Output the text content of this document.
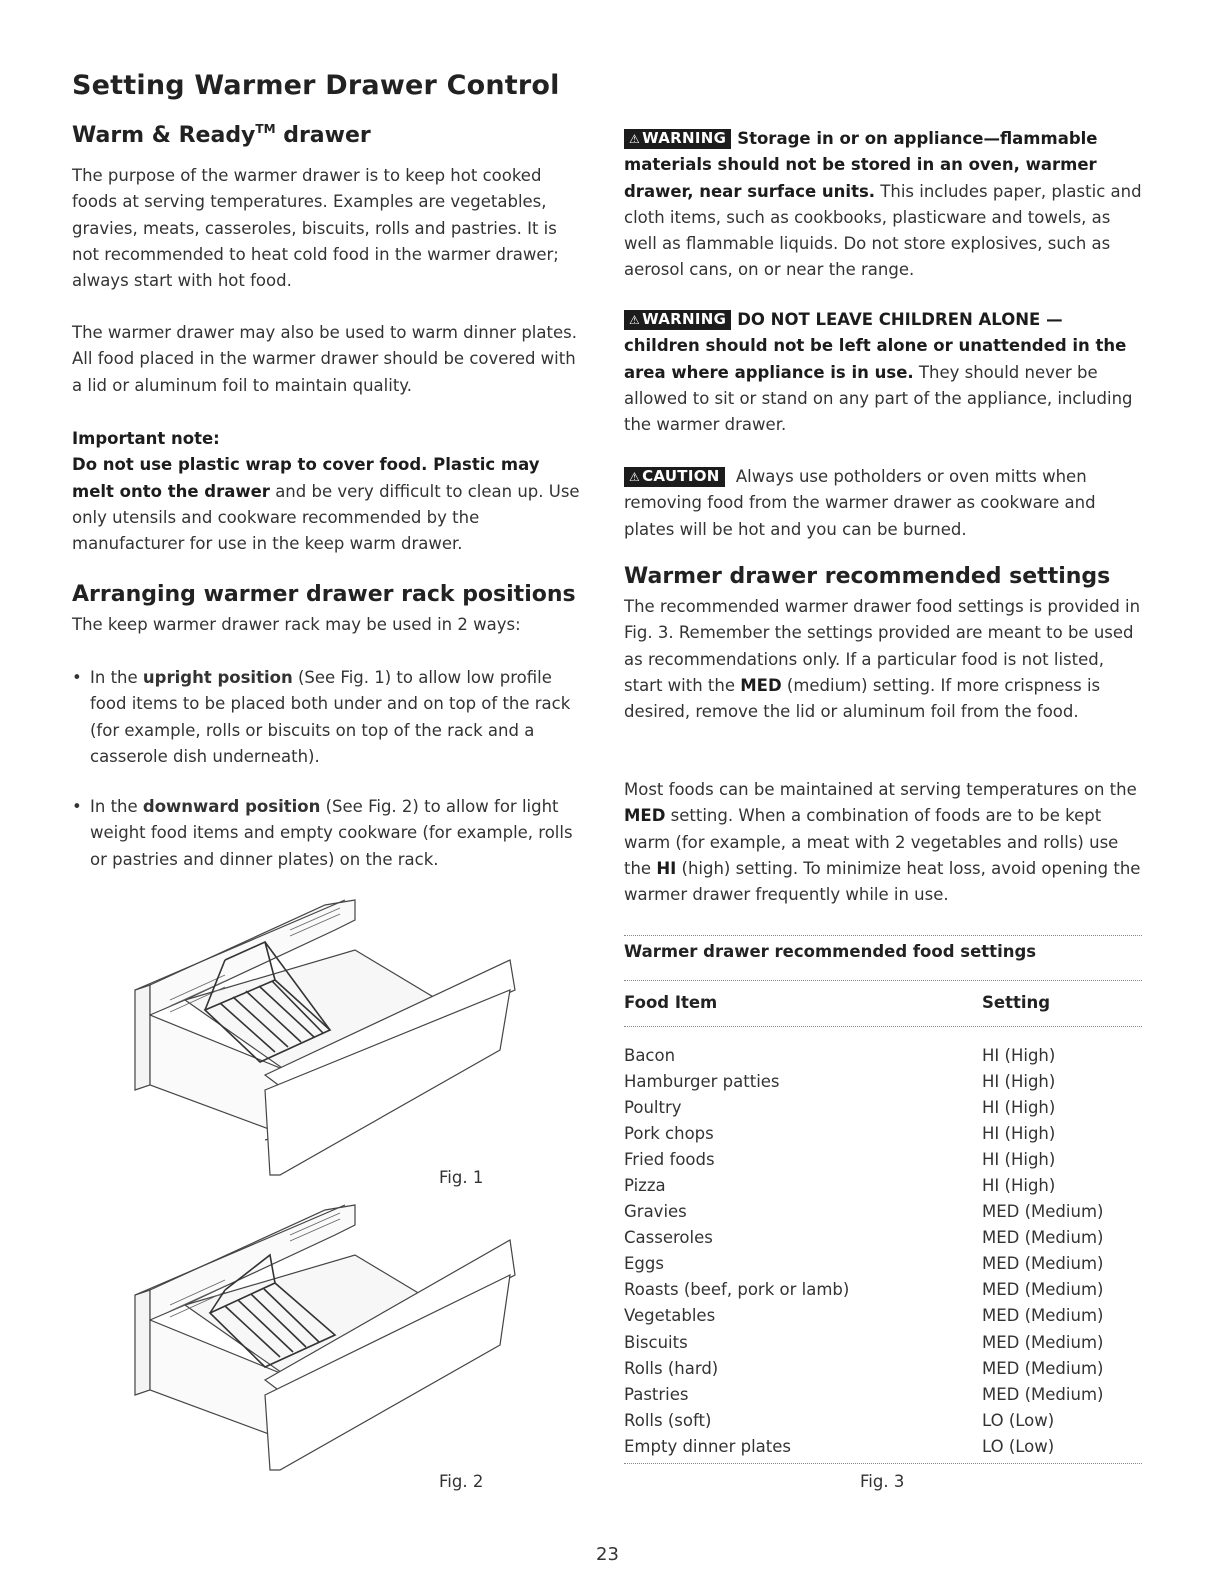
Setting Warmer Drawer Control
Warm & Ready™ drawer

The purpose of the warmer drawer is to keep hot cooked foods at serving temperatures. Examples are vegetables, gravies, meats, casseroles, biscuits, rolls and pastries. It is not recommended to heat cold food in the warmer drawer; always start with hot food.

The warmer drawer may also be used to warm dinner plates. All food placed in the warmer drawer should be covered with a lid or aluminum foil to maintain quality.

Important note:
Do not use plastic wrap to cover food. Plastic may melt onto the drawer and be very difficult to clean up. Use only utensils and cookware recommended by the manufacturer for use in the keep warm drawer.

Arranging warmer drawer rack positions

The keep warmer drawer rack may be used in 2 ways:

• In the upright position (See Fig. 1) to allow low profile food items to be placed both under and on top of the rack (for example, rolls or biscuits on top of the rack and a casserole dish underneath).
• In the downward position (See Fig. 2) to allow for light weight food items and empty cookware (for example, rolls or pastries and dinner plates) on the rack.
Fig. 1
Fig. 2

⚠ WARNING Storage in or on appliance—flammable materials should not be stored in an oven, warmer drawer, near surface units. This includes paper, plastic and cloth items, such as cookbooks, plasticware and towels, as well as flammable liquids. Do not store explosives, such as aerosol cans, on or near the range.

⚠ WARNING DO NOT LEAVE CHILDREN ALONE — children should not be left alone or unattended in the area where appliance is in use. They should never be allowed to sit or stand on any part of the appliance, including the warmer drawer.

⚠ CAUTION Always use potholders or oven mitts when removing food from the warmer drawer as cookware and plates will be hot and you can be burned.

Warmer drawer recommended settings

The recommended warmer drawer food settings is provided in Fig. 3. Remember the settings provided are meant to be used as recommendations only. If a particular food is not listed, start with the MED (medium) setting. If more crispness is desired, remove the lid or aluminum foil from the food.

Most foods can be maintained at serving temperatures on the MED setting. When a combination of foods are to be kept warm (for example, a meat with 2 vegetables and rolls) use the HI (high) setting. To minimize heat loss, avoid opening the warmer drawer frequently while in use.

Warmer drawer recommended food settings
Food Item	Setting
Bacon
Hamburger patties
Poultry
Pork chops
Fried foods
Pizza
Gravies
Casseroles
Eggs
Roasts (beef, pork or lamb)
Vegetables
Biscuits
Rolls (hard)
Pastries
Rolls (soft)
Empty dinner plates
HI (High)
HI (High)
HI (High)
HI (High)
HI (High)
HI (High)
MED (Medium)
MED (Medium)
MED (Medium)
MED (Medium)
MED (Medium)
MED (Medium)
MED (Medium)
MED (Medium)
LO (Low)
LO (Low)
Fig. 3
23
